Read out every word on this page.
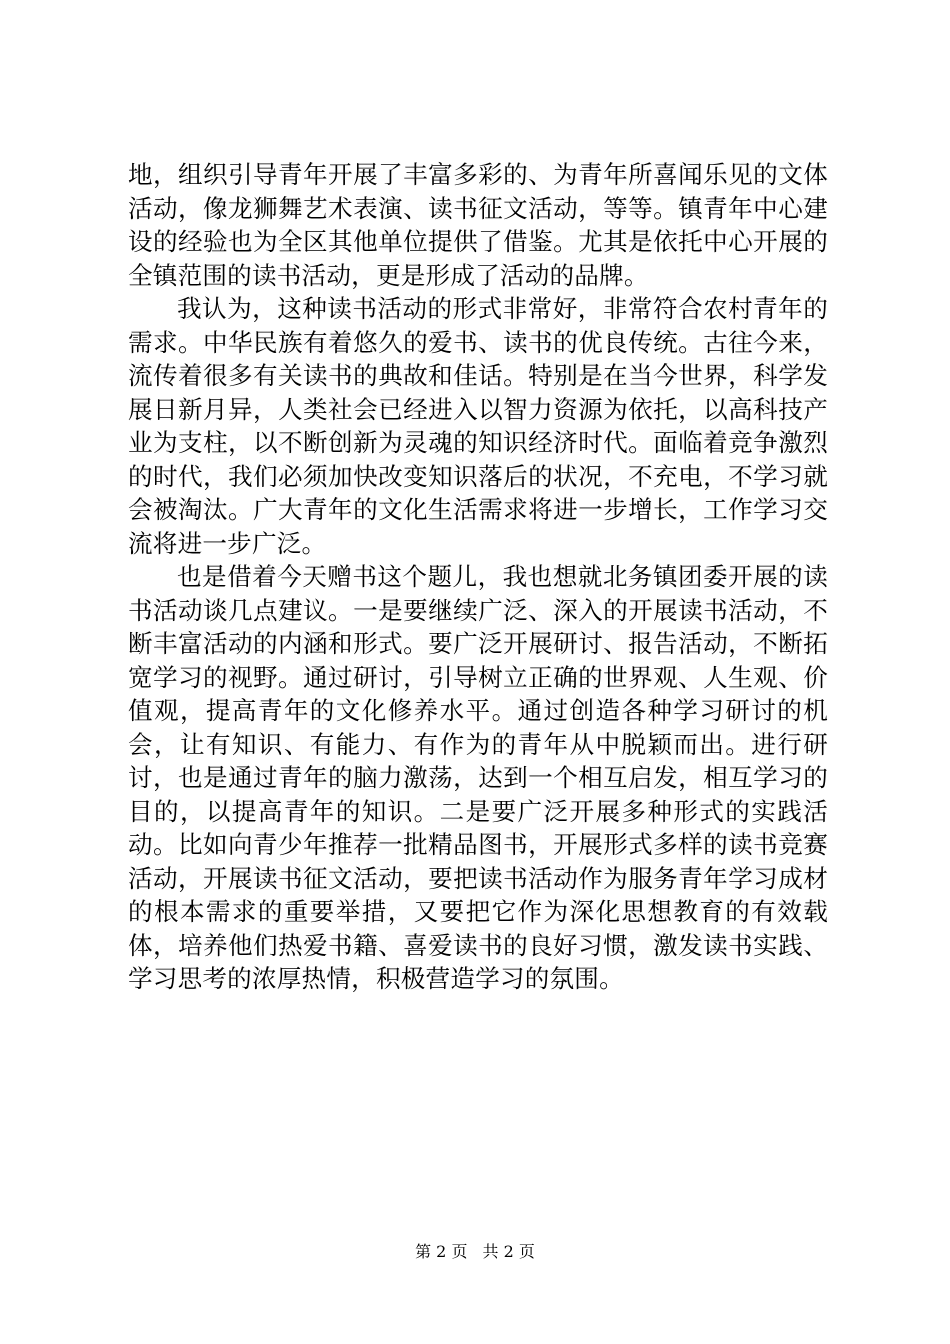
地，组织引导青年开展了丰富多彩的、为青年所喜闻乐见的文体活动，像龙狮舞艺术表演、读书征文活动，等等。镇青年中心建设的经验也为全区其他单位提供了借鉴。尤其是依托中心开展的全镇范围的读书活动，更是形成了活动的品牌。

我认为，这种读书活动的形式非常好，非常符合农村青年的需求。中华民族有着悠久的爱书、读书的优良传统。古往今来，流传着很多有关读书的典故和佳话。特别是在当今世界，科学发展日新月异，人类社会已经进入以智力资源为依托，以高科技产业为支柱，以不断创新为灵魂的知识经济时代。面临着竞争激烈的时代，我们必须加快改变知识落后的状况，不充电，不学习就会被淘汰。广大青年的文化生活需求将进一步增长，工作学习交流将进一步广泛。

也是借着今天赠书这个题儿，我也想就北务镇团委开展的读书活动谈几点建议。一是要继续广泛、深入的开展读书活动，不断丰富活动的内涵和形式。要广泛开展研讨、报告活动，不断拓宽学习的视野。通过研讨，引导树立正确的世界观、人生观、价值观，提高青年的文化修养水平。通过创造各种学习研讨的机会，让有知识、有能力、有作为的青年从中脱颖而出。进行研讨，也是通过青年的脑力激荡，达到一个相互启发，相互学习的目的，以提高青年的知识。二是要广泛开展多种形式的实践活动。比如向青少年推荐一批精品图书，开展形式多样的读书竞赛活动，开展读书征文活动，要把读书活动作为服务青年学习成材的根本需求的重要举措，又要把它作为深化思想教育的有效载体，培养他们热爱书籍、喜爱读书的良好习惯，激发读书实践、学习思考的浓厚热情，积极营造学习的氛围。

第 2 页 共 2 页
